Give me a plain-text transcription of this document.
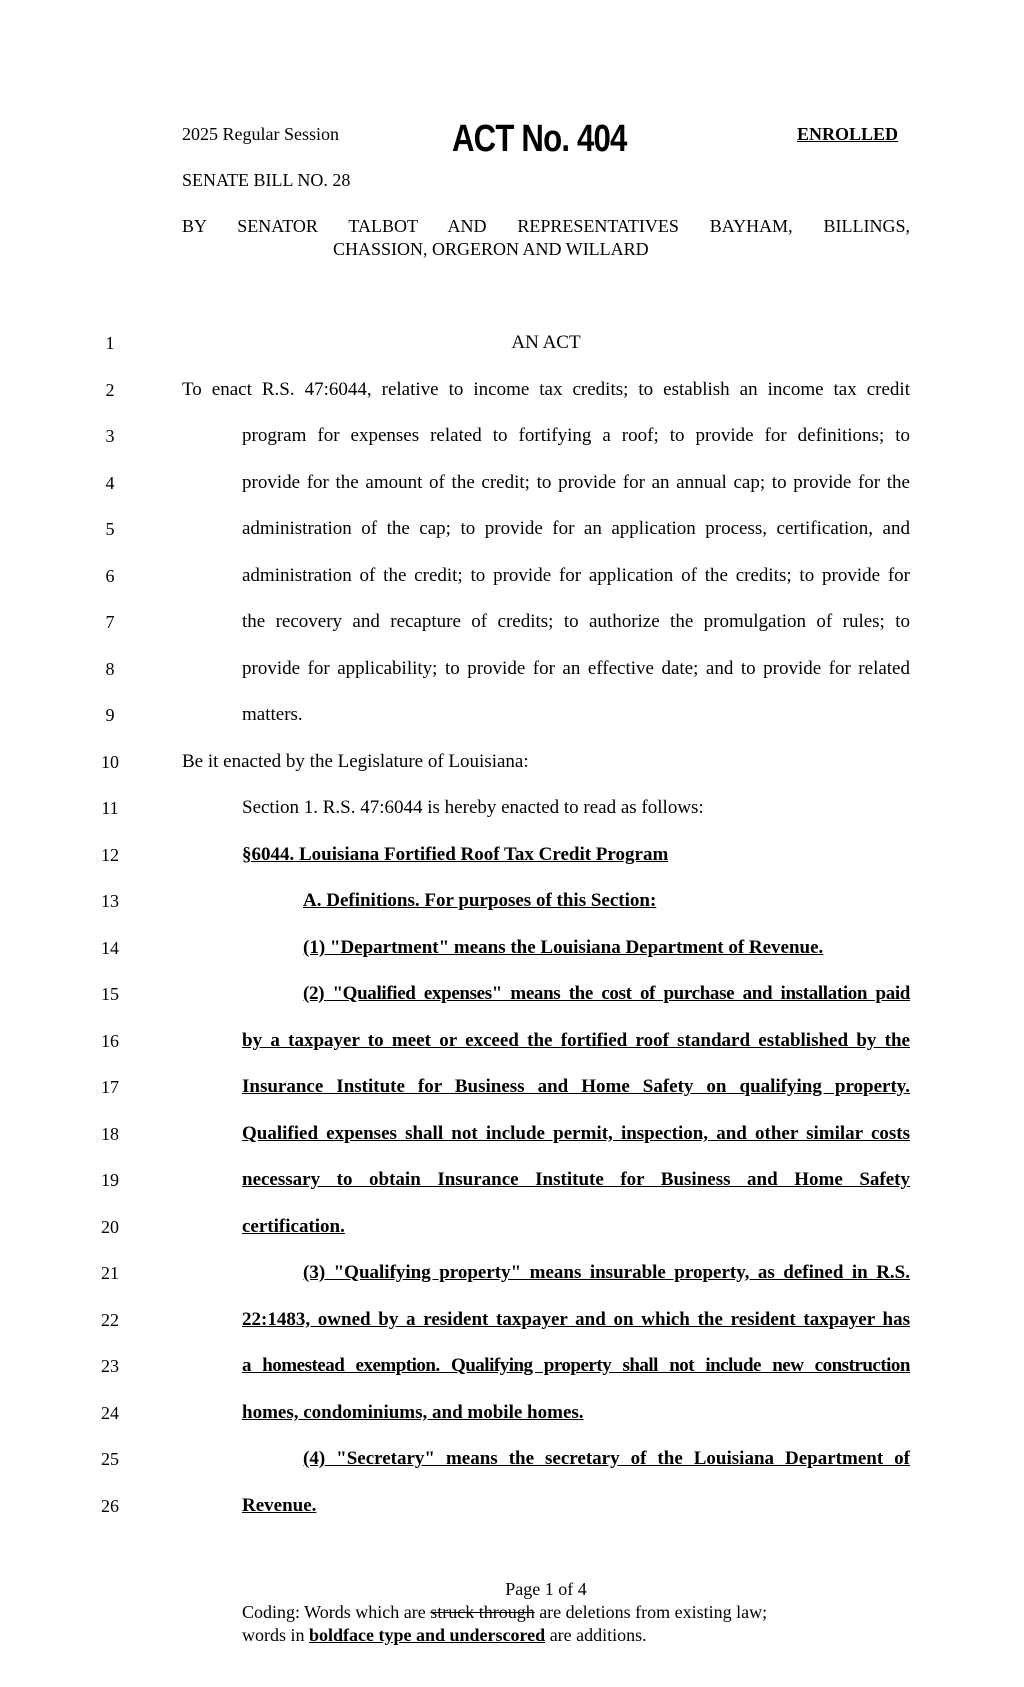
2025 Regular Session
SENATE BILL NO. 28
ACT No. 404	ENROLLED
BY SENATOR TALBOT AND REPRESENTATIVES BAYHAM, BILLINGS,
CHASSION, ORGERON AND WILLARD
1
2
3
4
5
6
7
8
9
10
11
12
13
14
15
16
17
18
19
20
21
22
23
24
25
26
AN ACT
To enact R.S. 47:6044, relative to income tax credits; to establish an income tax credit
program for expenses related to fortifying a roof; to provide for definitions; to
provide for the amount of the credit; to provide for an annual cap; to provide for the
administration of the cap; to provide for an application process, certification, and
administration of the credit; to provide for application of the credits; to provide for
the recovery and recapture of credits; to authorize the promulgation of rules; to
provide for applicability; to provide for an effective date; and to provide for related
matters.
Be it enacted by the Legislature of Louisiana:
Section 1. R.S. 47:6044 is hereby enacted to read as follows:
§6044. Louisiana Fortified Roof Tax Credit Program
A. Definitions. For purposes of this Section:
(1) "Department" means the Louisiana Department of Revenue.
(2) "Qualified expenses" means the cost of purchase and installation paid
by a taxpayer to meet or exceed the fortified roof standard established by the
Insurance Institute for Business and Home Safety on qualifying property.
Qualified expenses shall not include permit, inspection, and other similar costs
necessary to obtain Insurance Institute for Business and Home Safety
certification.
(3) "Qualifying property" means insurable property, as defined in R.S.
22:1483, owned by a resident taxpayer and on which the resident taxpayer has
a homestead exemption. Qualifying property shall not include new construction
homes, condominiums, and mobile homes.
(4) "Secretary" means the secretary of the Louisiana Department of
Revenue.
Page 1 of 4
Coding: Words which are struck through are deletions from existing law;
words in boldface type and underscored are additions.
